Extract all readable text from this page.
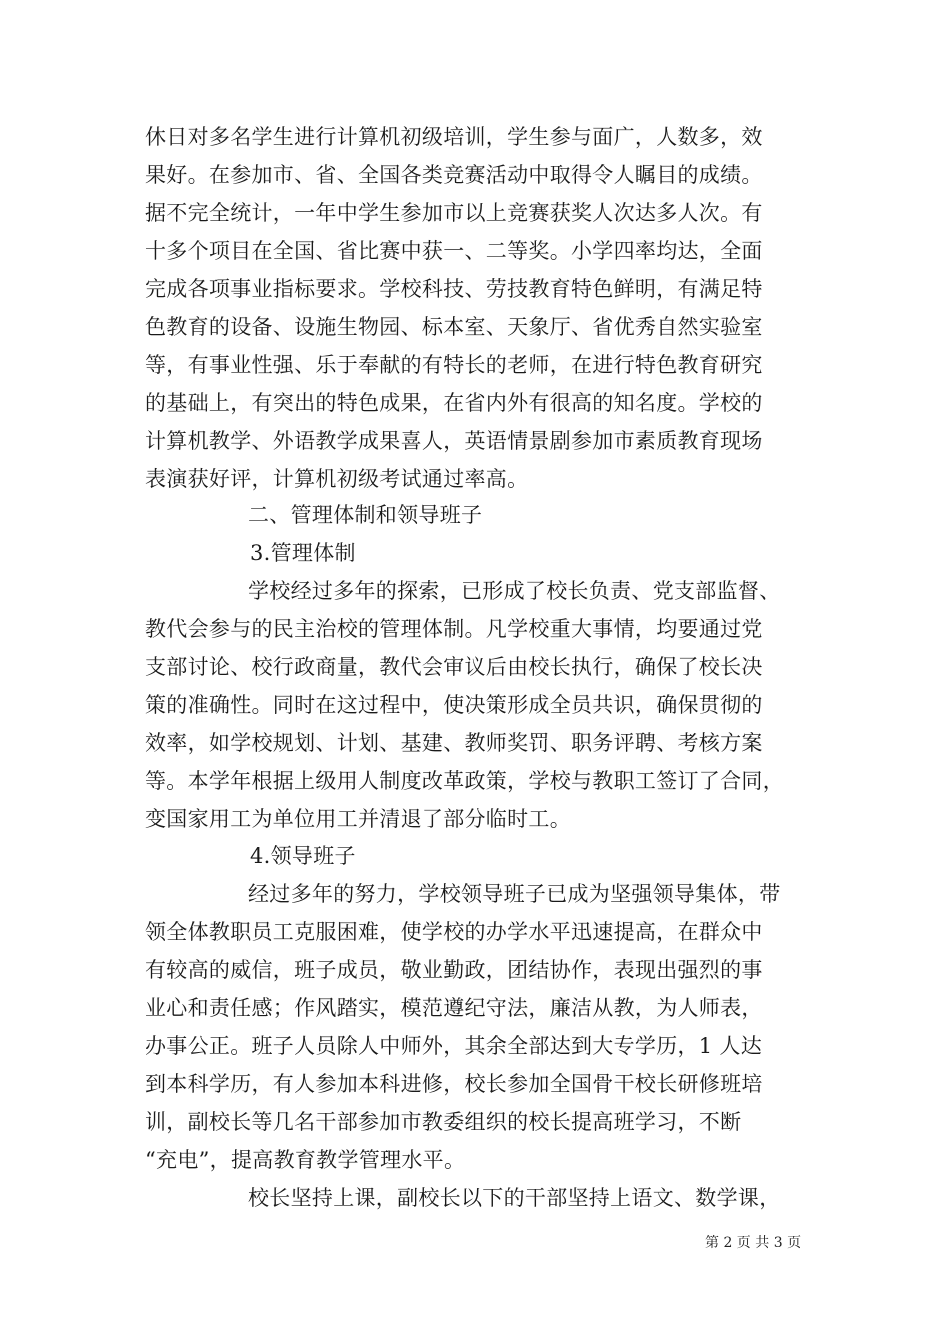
休日对多名学生进行计算机初级培训，学生参与面广，人数多，效
果好。在参加市、省、全国各类竞赛活动中取得令人瞩目的成绩。
据不完全统计，一年中学生参加市以上竞赛获奖人次达多人次。有
十多个项目在全国、省比赛中获一、二等奖。小学四率均达，全面
完成各项事业指标要求。学校科技、劳技教育特色鲜明，有满足特
色教育的设备、设施生物园、标本室、天象厅、省优秀自然实验室
等，有事业性强、乐于奉献的有特长的老师，在进行特色教育研究
的基础上，有突出的特色成果，在省内外有很高的知名度。学校的
计算机教学、外语教学成果喜人，英语情景剧参加市素质教育现场
表演获好评，计算机初级考试通过率高。
二、管理体制和领导班子
3.管理体制
学校经过多年的探索，已形成了校长负责、党支部监督、
教代会参与的民主治校的管理体制。凡学校重大事情，均要通过党
支部讨论、校行政商量，教代会审议后由校长执行，确保了校长决
策的准确性。同时在这过程中，使决策形成全员共识，确保贯彻的
效率，如学校规划、计划、基建、教师奖罚、职务评聘、考核方案
等。本学年根据上级用人制度改革政策，学校与教职工签订了合同，
变国家用工为单位用工并清退了部分临时工。
4.领导班子
经过多年的努力，学校领导班子已成为坚强领导集体，带
领全体教职员工克服困难，使学校的办学水平迅速提高，在群众中
有较高的威信，班子成员，敬业勤政，团结协作，表现出强烈的事
业心和责任感；作风踏实，模范遵纪守法，廉洁从教，为人师表，
办事公正。班子人员除人中师外，其余全部达到大专学历，1 人达
到本科学历，有人参加本科进修，校长参加全国骨干校长研修班培
训，副校长等几名干部参加市教委组织的校长提高班学习，不断
“充电”，提高教育教学管理水平。
校长坚持上课，副校长以下的干部坚持上语文、数学课，
第 2 页 共 3 页
